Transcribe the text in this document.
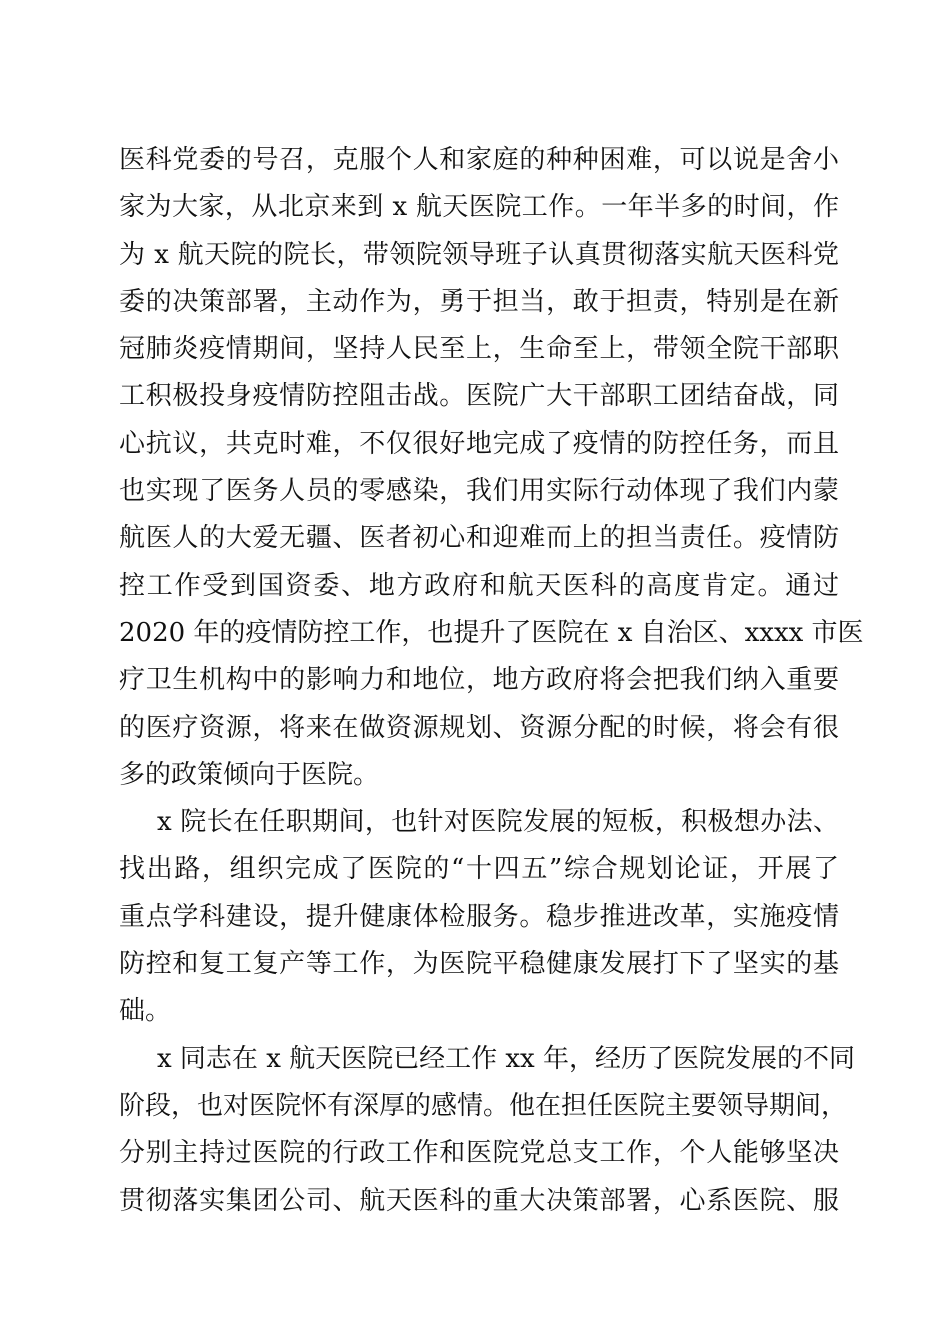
医科党委的号召，克服个人和家庭的种种困难，可以说是舍小
家为大家，从北京来到 x 航天医院工作。一年半多的时间，作
为 x 航天院的院长，带领院领导班子认真贯彻落实航天医科党
委的决策部署，主动作为，勇于担当，敢于担责，特别是在新
冠肺炎疫情期间，坚持人民至上，生命至上，带领全院干部职
工积极投身疫情防控阻击战。医院广大干部职工团结奋战，同
心抗议，共克时难，不仅很好地完成了疫情的防控任务，而且
也实现了医务人员的零感染，我们用实际行动体现了我们内蒙
航医人的大爱无疆、医者初心和迎难而上的担当责任。疫情防
控工作受到国资委、地方政府和航天医科的高度肯定。通过
2020 年的疫情防控工作，也提升了医院在 x 自治区、xxxx 市医
疗卫生机构中的影响力和地位，地方政府将会把我们纳入重要
的医疗资源，将来在做资源规划、资源分配的时候，将会有很
多的政策倾向于医院。
x 院长在任职期间，也针对医院发展的短板，积极想办法、
找出路，组织完成了医院的“十四五”综合规划论证，开展了
重点学科建设，提升健康体检服务。稳步推进改革，实施疫情
防控和复工复产等工作，为医院平稳健康发展打下了坚实的基
础。
x 同志在 x 航天医院已经工作 xx 年，经历了医院发展的不同
阶段，也对医院怀有深厚的感情。他在担任医院主要领导期间，
分别主持过医院的行政工作和医院党总支工作，个人能够坚决
贯彻落实集团公司、航天医科的重大决策部署，心系医院、服
